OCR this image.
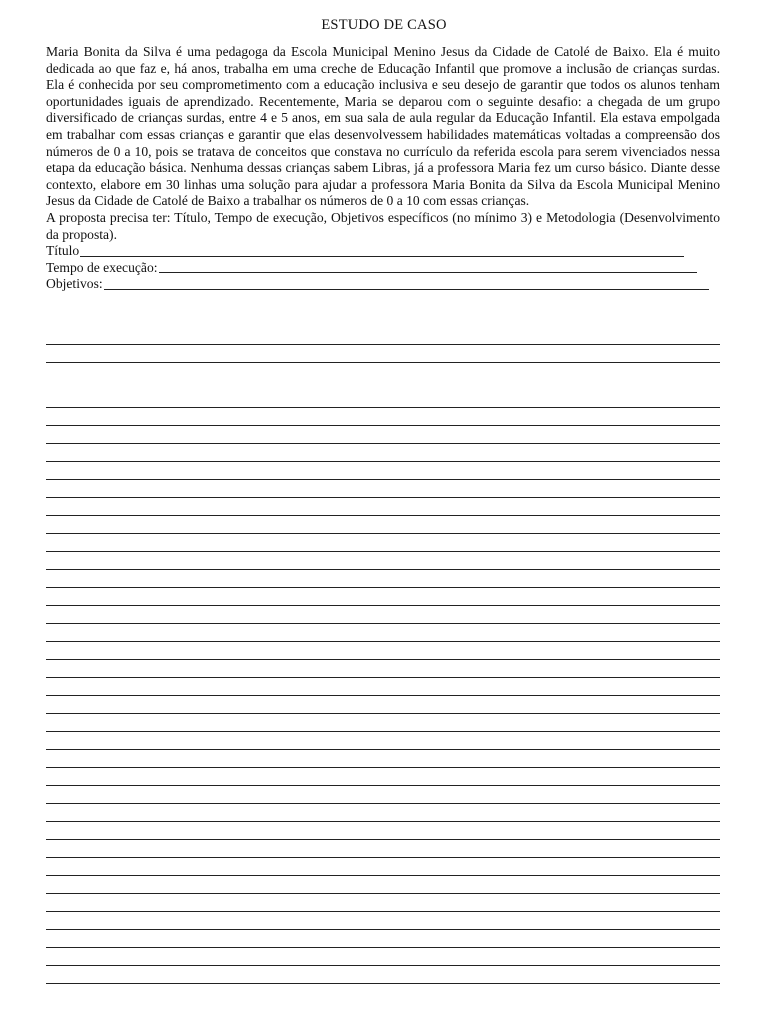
ESTUDO DE CASO

Maria Bonita da Silva é uma pedagoga da Escola Municipal Menino Jesus da Cidade de Catolé de Baixo. Ela é muito dedicada ao que faz e, há anos, trabalha em uma creche de Educação Infantil que promove a inclusão de crianças surdas. Ela é conhecida por seu comprometimento com a educação inclusiva e seu desejo de garantir que todos os alunos tenham oportunidades iguais de aprendizado. Recentemente, Maria se deparou com o seguinte desafio: a chegada de um grupo diversificado de crianças surdas, entre 4 e 5 anos, em sua sala de aula regular da Educação Infantil. Ela estava empolgada em trabalhar com essas crianças e garantir que elas desenvolvessem habilidades matemáticas voltadas a compreensão dos números de 0 a 10, pois se tratava de conceitos que constava no currículo da referida escola para serem vivenciados nessa etapa da educação básica. Nenhuma dessas crianças sabem Libras, já a professora Maria fez um curso básico. Diante desse contexto, elabore em 30 linhas uma solução para ajudar a professora Maria Bonita da Silva da Escola Municipal Menino Jesus da Cidade de Catolé de Baixo a trabalhar os números de 0 a 10 com essas crianças.

A proposta precisa ter: Título, Tempo de execução, Objetivos específicos (no mínimo 3) e Metodologia (Desenvolvimento da proposta).

Título
Tempo de execução:
Objetivos:
